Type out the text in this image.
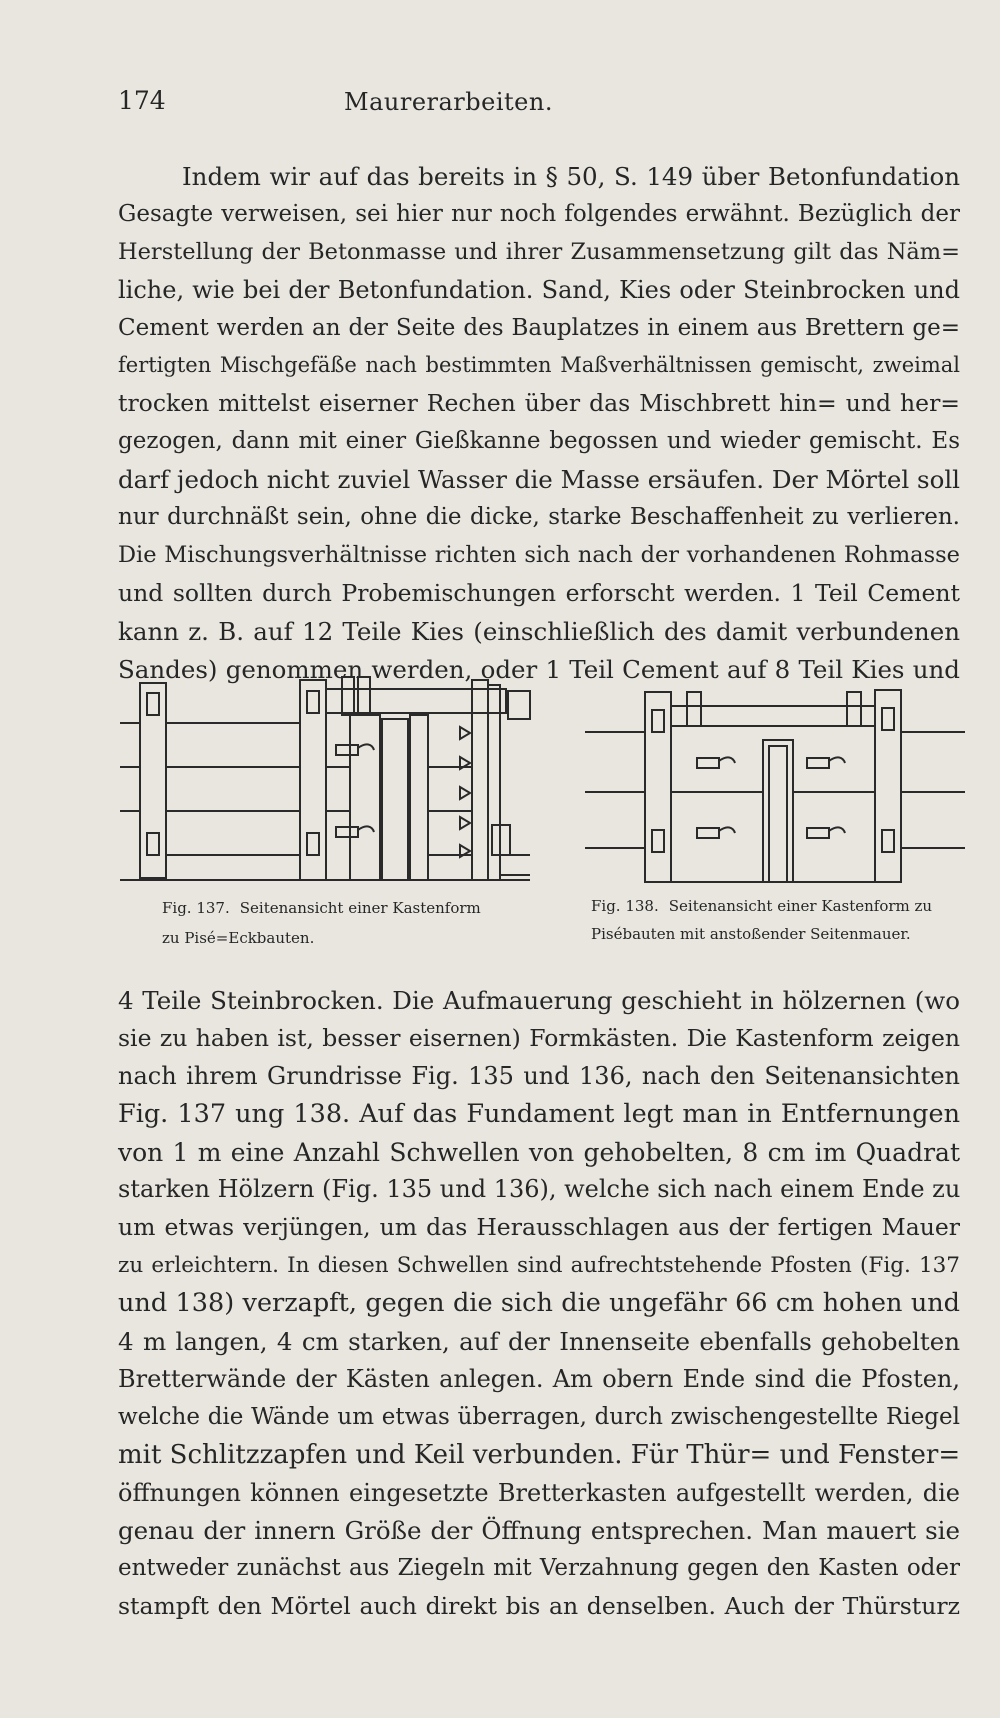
174	Maurerarbeiten.
Indem wir auf das bereits in § 50, S. 149 über Betonfundation
Gesagte verweisen, sei hier nur noch folgendes erwähnt. Bezüglich der
Herstellung der Betonmasse und ihrer Zusammensetzung gilt das Näm=
liche, wie bei der Betonfundation. Sand, Kies oder Steinbrocken und
Cement werden an der Seite des Bauplatzes in einem aus Brettern ge=
fertigten Mischgefäße nach bestimmten Maßverhältnissen gemischt, zweimal
trocken mittelst eiserner Rechen über das Mischbrett hin= und her=
gezogen, dann mit einer Gießkanne begossen und wieder gemischt. Es
darf jedoch nicht zuviel Wasser die Masse ersäufen. Der Mörtel soll
nur durchnäßt sein, ohne die dicke, starke Beschaffenheit zu verlieren.
Die Mischungsverhältnisse richten sich nach der vorhandenen Rohmasse
und sollten durch Probemischungen erforscht werden. 1 Teil Cement
kann z. B. auf 12 Teile Kies (einschließlich des damit verbundenen
Sandes) genommen werden, oder 1 Teil Cement auf 8 Teil Kies und
Fig. 137. Seitenansicht einer Kastenform
zu Pisé=Eckbauten.
Fig. 138. Seitenansicht einer Kastenform zu
Pisébauten mit anstoßender Seitenmauer.
4 Teile Steinbrocken. Die Aufmauerung geschieht in hölzernen (wo
sie zu haben ist, besser eisernen) Formkästen. Die Kastenform zeigen
nach ihrem Grundrisse Fig. 135 und 136, nach den Seitenansichten
Fig. 137 ung 138. Auf das Fundament legt man in Entfernungen
von 1 m eine Anzahl Schwellen von gehobelten, 8 cm im Quadrat
starken Hölzern (Fig. 135 und 136), welche sich nach einem Ende zu
um etwas verjüngen, um das Herausschlagen aus der fertigen Mauer
zu erleichtern. In diesen Schwellen sind aufrechtstehende Pfosten (Fig. 137
und 138) verzapft, gegen die sich die ungefähr 66 cm hohen und
4 m langen, 4 cm starken, auf der Innenseite ebenfalls gehobelten
Bretterwände der Kästen anlegen. Am obern Ende sind die Pfosten,
welche die Wände um etwas überragen, durch zwischengestellte Riegel
mit Schlitzzapfen und Keil verbunden. Für Thür= und Fenster=
öffnungen können eingesetzte Bretterkasten aufgestellt werden, die
genau der innern Größe der Öffnung entsprechen. Man mauert sie
entweder zunächst aus Ziegeln mit Verzahnung gegen den Kasten oder
stampft den Mörtel auch direkt bis an denselben. Auch der Thürsturz
